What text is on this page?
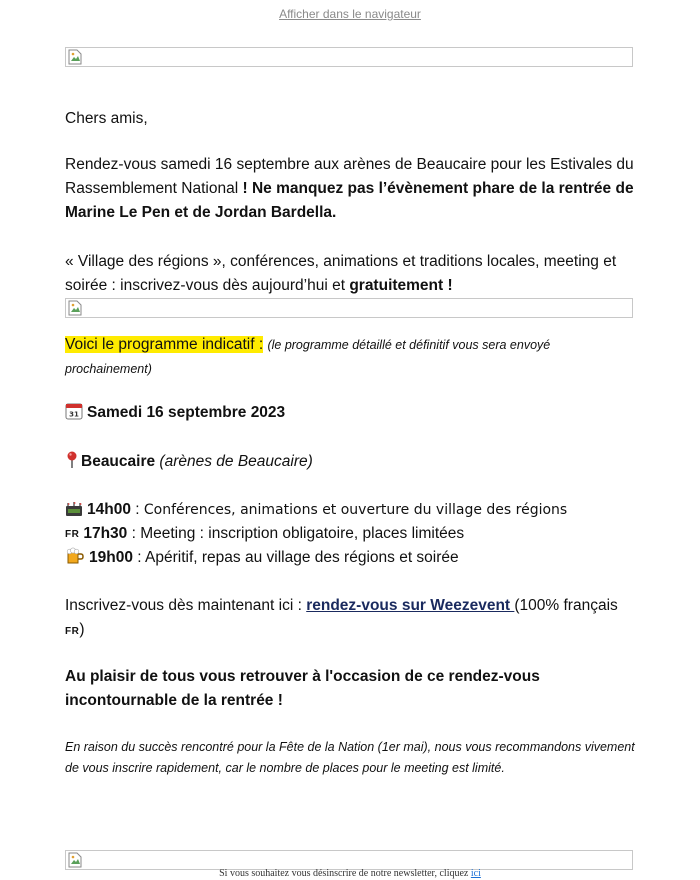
Afficher dans le navigateur
Chers amis,
Rendez-vous samedi 16 septembre aux arènes de Beaucaire pour les Estivales du Rassemblement National ! Ne manquez pas l’évènement phare de la rentrée de Marine Le Pen et de Jordan Bardella.
« Village des régions », conférences, animations et traditions locales, meeting et soirée : inscrivez-vous dès aujourd’hui et gratuitement !
Voici le programme indicatif : (le programme détaillé et définitif vous sera envoyé prochainement)
31 Samedi 16 septembre 2023
Beaucaire (arènes de Beaucaire)
14h00 : Conférences, animations et ouverture du village des régions
FR 17h30 : Meeting : inscription obligatoire, places limitées
19h00 : Apéritif, repas au village des régions et soirée
Inscrivez-vous dès maintenant ici : rendez-vous sur Weezevent (100% français FR)
Au plaisir de tous vous retrouver à l'occasion de ce rendez-vous incontournable de la rentrée !
En raison du succès rencontré pour la Fête de la Nation (1er mai), nous vous recommandons vivement de vous inscrire rapidement, car le nombre de places pour le meeting est limité.
Si vous souhaitez vous désinscrire de notre newsletter, cliquez ici
